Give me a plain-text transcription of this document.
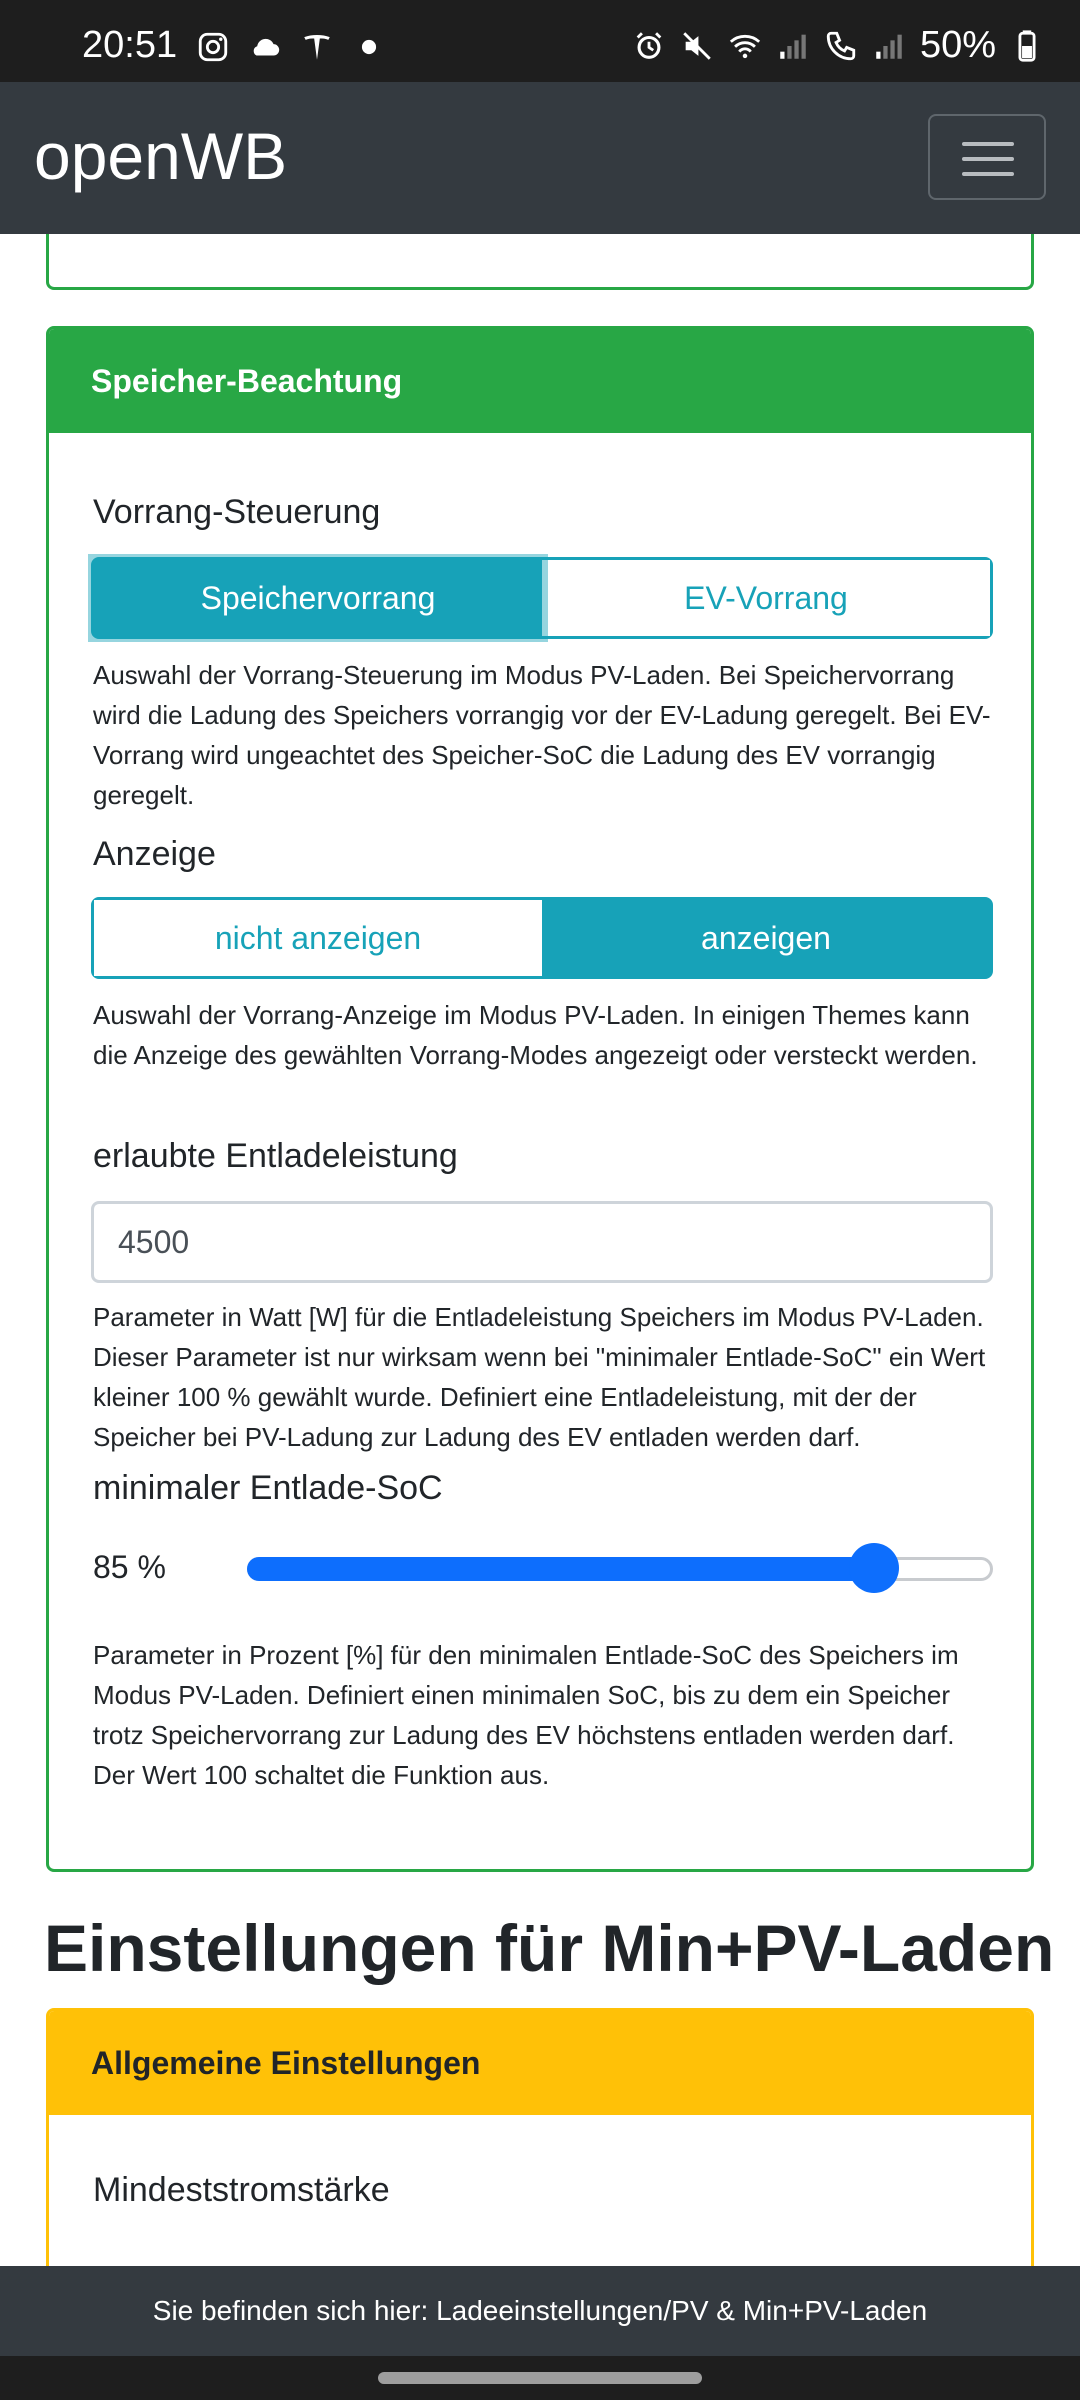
20:51	50%
openWB
Speicher-Beachtung
Vorrang-Steuerung
Speichervorrang	EV-Vorrang
Auswahl der Vorrang-Steuerung im Modus PV-Laden. Bei Speichervorrang wird die Ladung des Speichers vorrangig vor der EV-Ladung geregelt. Bei EV-Vorrang wird ungeachtet des Speicher-SoC die Ladung des EV vorrangig geregelt.
Anzeige
nicht anzeigen	anzeigen
Auswahl der Vorrang-Anzeige im Modus PV-Laden. In einigen Themes kann die Anzeige des gewählten Vorrang-Modes angezeigt oder versteckt werden.
erlaubte Entladeleistung
4500
Parameter in Watt [W] für die Entladeleistung Speichers im Modus PV-Laden. Dieser Parameter ist nur wirksam wenn bei "minimaler Entlade-SoC" ein Wert kleiner 100 % gewählt wurde. Definiert eine Entladeleistung, mit der der Speicher bei PV-Ladung zur Ladung des EV entladen werden darf.
minimaler Entlade-SoC
85 %
Parameter in Prozent [%] für den minimalen Entlade-SoC des Speichers im Modus PV-Laden. Definiert einen minimalen SoC, bis zu dem ein Speicher trotz Speichervorrang zur Ladung des EV höchstens entladen werden darf. Der Wert 100 schaltet die Funktion aus.
Einstellungen für Min+PV-Laden
Allgemeine Einstellungen
Mindeststromstärke
Sie befinden sich hier: Ladeeinstellungen/PV & Min+PV-Laden
